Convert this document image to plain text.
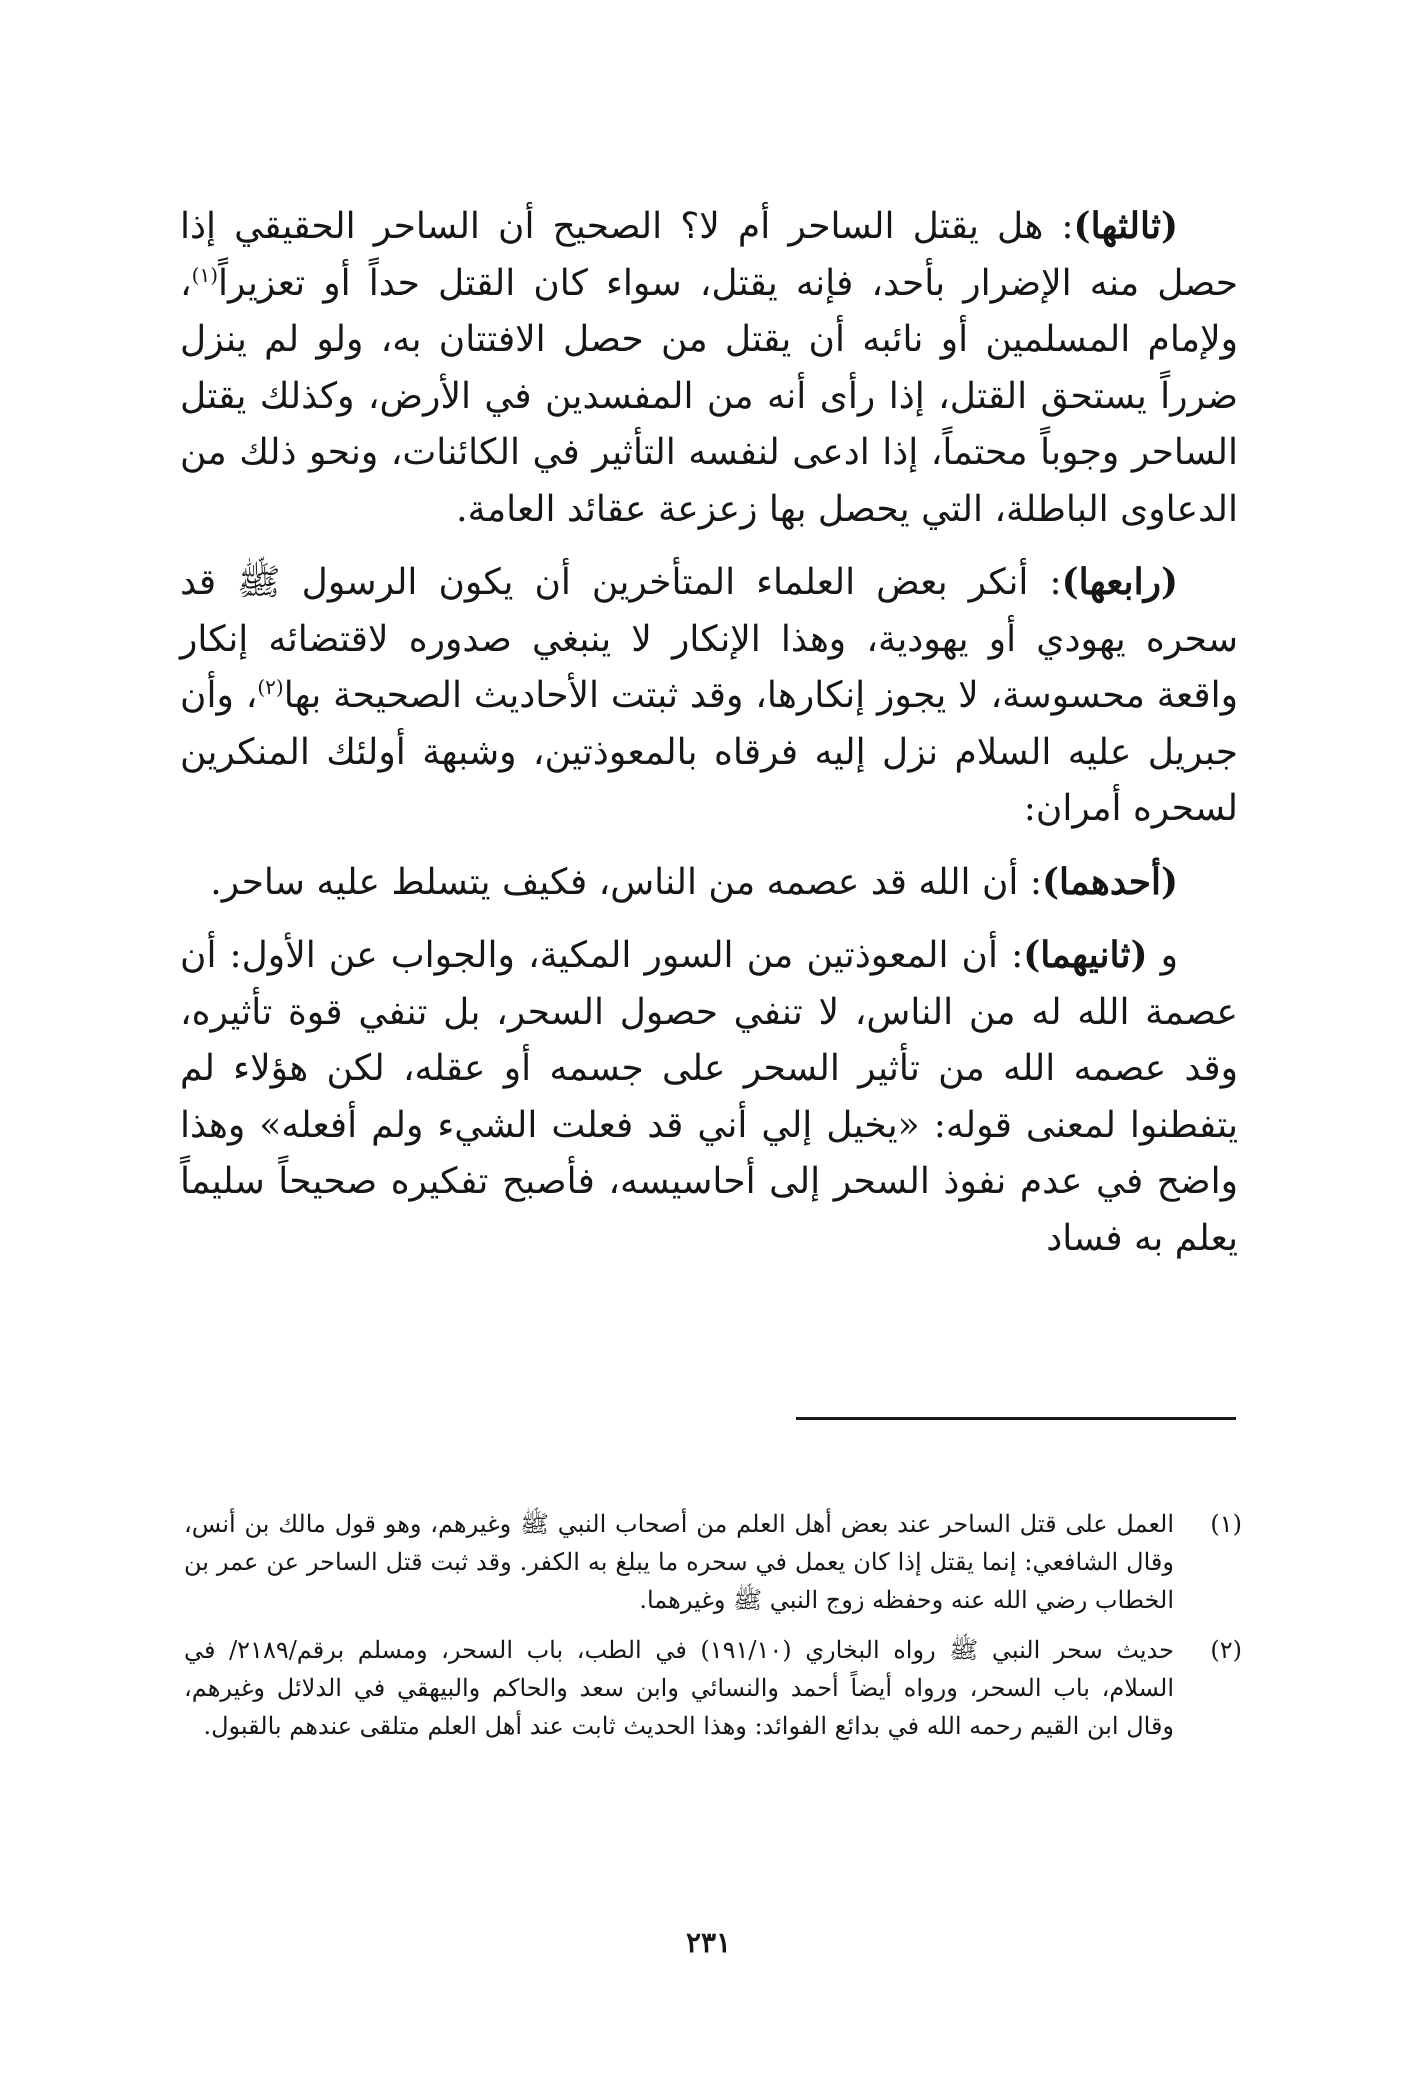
(ثالثها): هل يقتل الساحر أم لا؟ الصحيح أن الساحر الحقيقي إذا حصل منه الإضرار بأحد، فإنه يقتل، سواء كان القتل حداً أو تعزيراً$^{(١)}$، ولإمام المسلمين أو نائبه أن يقتل من حصل الافتتان به، ولو لم ينزل ضرراً يستحق القتل، إذا رأى أنه من المفسدين في الأرض، وكذلك يقتل الساحر وجوباً محتماً، إذا ادعى لنفسه التأثير في الكائنات، ونحو ذلك من الدعاوى الباطلة، التي يحصل بها زعزعة عقائد العامة.

(رابعها): أنكر بعض العلماء المتأخرين أن يكون الرسول ﷺ قد سحره يهودي أو يهودية، وهذا الإنكار لا ينبغي صدوره لاقتضائه إنكار واقعة محسوسة، لا يجوز إنكارها، وقد ثبتت الأحاديث الصحيحة بها$^{(٢)}$، وأن جبريل عليه السلام نزل إليه فرقاه بالمعوذتين، وشبهة أولئك المنكرين لسحره أمران:

(أحدهما): أن الله قد عصمه من الناس، فكيف يتسلط عليه ساحر.

و (ثانيهما): أن المعوذتين من السور المكية، والجواب عن الأول: أن عصمة الله له من الناس، لا تنفي حصول السحر، بل تنفي قوة تأثيره، وقد عصمه الله من تأثير السحر على جسمه أو عقله، لكن هؤلاء لم يتفطنوا لمعنى قوله: «يخيل إلي أني قد فعلت الشيء ولم أفعله» وهذا واضح في عدم نفوذ السحر إلى أحاسيسه، فأصبح تفكيره صحيحاً سليماً يعلم به فساد

(١)
العمل على قتل الساحر عند بعض أهل العلم من أصحاب النبي ﷺ وغيرهم، وهو قول مالك بن أنس، وقال الشافعي: إنما يقتل إذا كان يعمل في سحره ما يبلغ به الكفر. وقد ثبت قتل الساحر عن عمر بن الخطاب رضي الله عنه وحفظه زوج النبي ﷺ وغيرهما.
(٢)
حديث سحر النبي ﷺ رواه البخاري (١٩١/١٠) في الطب، باب السحر، ومسلم برقم/٢١٨٩/ في السلام، باب السحر، ورواه أيضاً أحمد والنسائي وابن سعد والحاكم والبيهقي في الدلائل وغيرهم، وقال ابن القيم رحمه الله في بدائع الفوائد: وهذا الحديث ثابت عند أهل العلم متلقى عندهم بالقبول.
٢٣١
